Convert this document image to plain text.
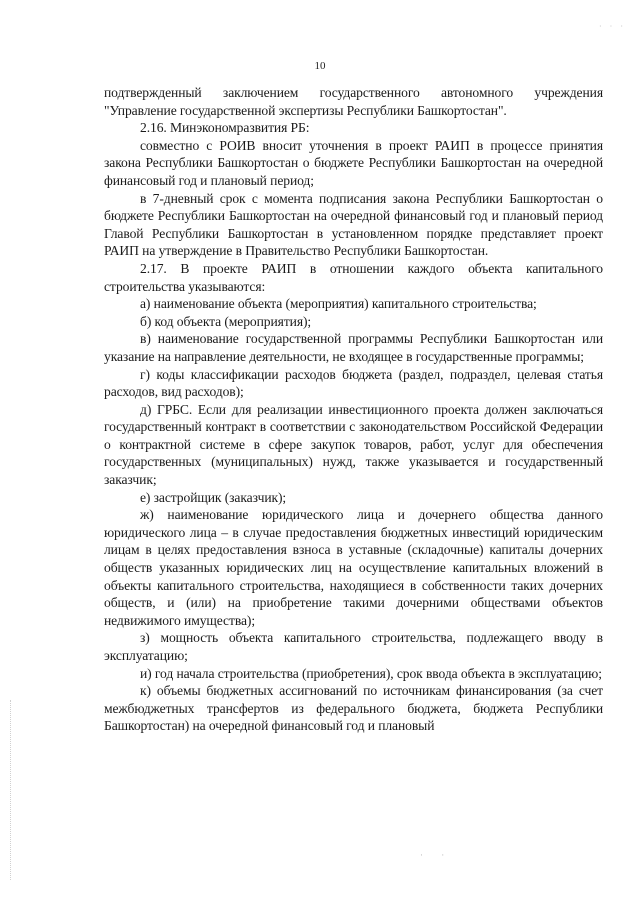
· · ·
10

подтвержденный заключением государственного автономного учреждения "Управление государственной экспертизы Республики Башкортостан".

2.16. Минэкономразвития РБ:

совместно с РОИВ вносит уточнения в проект РАИП в процессе принятия закона Республики Башкортостан о бюджете Республики Башкортостан на очередной финансовый год и плановый период;

в 7-дневный срок с момента подписания закона Республики Башкортостан о бюджете Республики Башкортостан на очередной финансовый год и плановый период Главой Республики Башкортостан в установленном порядке представляет проект РАИП на утверждение в Правительство Республики Башкортостан.

2.17. В проекте РАИП в отношении каждого объекта капитального строительства указываются:

а) наименование объекта (мероприятия) капитального строительства;

б) код объекта (мероприятия);

в) наименование государственной программы Республики Башкортостан или указание на направление деятельности, не входящее в государственные программы;

г) коды классификации расходов бюджета (раздел, подраздел, целевая статья расходов, вид расходов);

д) ГРБС. Если для реализации инвестиционного проекта должен заключаться государственный контракт в соответствии с законодательством Российской Федерации о контрактной системе в сфере закупок товаров, работ, услуг для обеспечения государственных (муниципальных) нужд, также указывается и государственный заказчик;

е) застройщик (заказчик);

ж) наименование юридического лица и дочернего общества данного юридического лица – в случае предоставления бюджетных инвестиций юридическим лицам в целях предоставления взноса в уставные (складочные) капиталы дочерних обществ указанных юридических лиц на осуществление капитальных вложений в объекты капитального строительства, находящиеся в собственности таких дочерних обществ, и (или) на приобретение такими дочерними обществами объектов недвижимого имущества);

з) мощность объекта капитального строительства, подлежащего вводу в эксплуатацию;

и) год начала строительства (приобретения), срок ввода объекта в эксплуатацию;

к) объемы бюджетных ассигнований по источникам финансирования (за счет межбюджетных трансфертов из федерального бюджета, бюджета Республики Башкортостан) на очередной финансовый год и плановый

· ·
